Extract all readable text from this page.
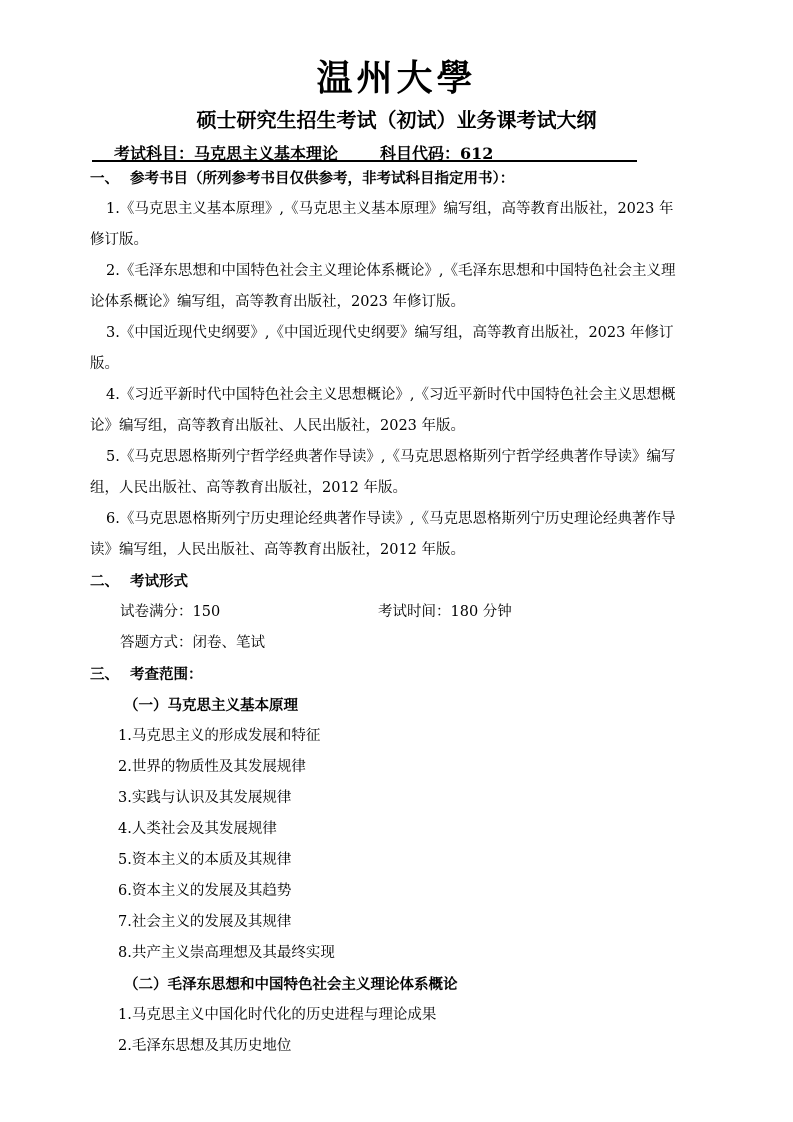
温州大學
硕士研究生招生考试（初试）业务课考试大纲
考试科目：马克思主义基本理论	科目代码：612
一、 参考书目（所列参考书目仅供参考，非考试科目指定用书）：
1.《马克思主义基本原理》,《马克思主义基本原理》编写组，高等教育出版社，2023 年
修订版。
2.《毛泽东思想和中国特色社会主义理论体系概论》,《毛泽东思想和中国特色社会主义理
论体系概论》编写组，高等教育出版社，2023 年修订版。
3.《中国近现代史纲要》,《中国近现代史纲要》编写组，高等教育出版社，2023 年修订
版。
4.《习近平新时代中国特色社会主义思想概论》,《习近平新时代中国特色社会主义思想概
论》编写组，高等教育出版社、人民出版社，2023 年版。
5.《马克思恩格斯列宁哲学经典著作导读》,《马克思恩格斯列宁哲学经典著作导读》编写
组，人民出版社、高等教育出版社，2012 年版。
6.《马克思恩格斯列宁历史理论经典著作导读》,《马克思恩格斯列宁历史理论经典著作导
读》编写组，人民出版社、高等教育出版社，2012 年版。
二、 考试形式
试卷满分：150	考试时间：180 分钟
答题方式：闭卷、笔试
三、 考查范围：
（一）马克思主义基本原理
1.马克思主义的形成发展和特征
2.世界的物质性及其发展规律
3.实践与认识及其发展规律
4.人类社会及其发展规律
5.资本主义的本质及其规律
6.资本主义的发展及其趋势
7.社会主义的发展及其规律
8.共产主义崇高理想及其最终实现
（二）毛泽东思想和中国特色社会主义理论体系概论
1.马克思主义中国化时代化的历史进程与理论成果
2.毛泽东思想及其历史地位
